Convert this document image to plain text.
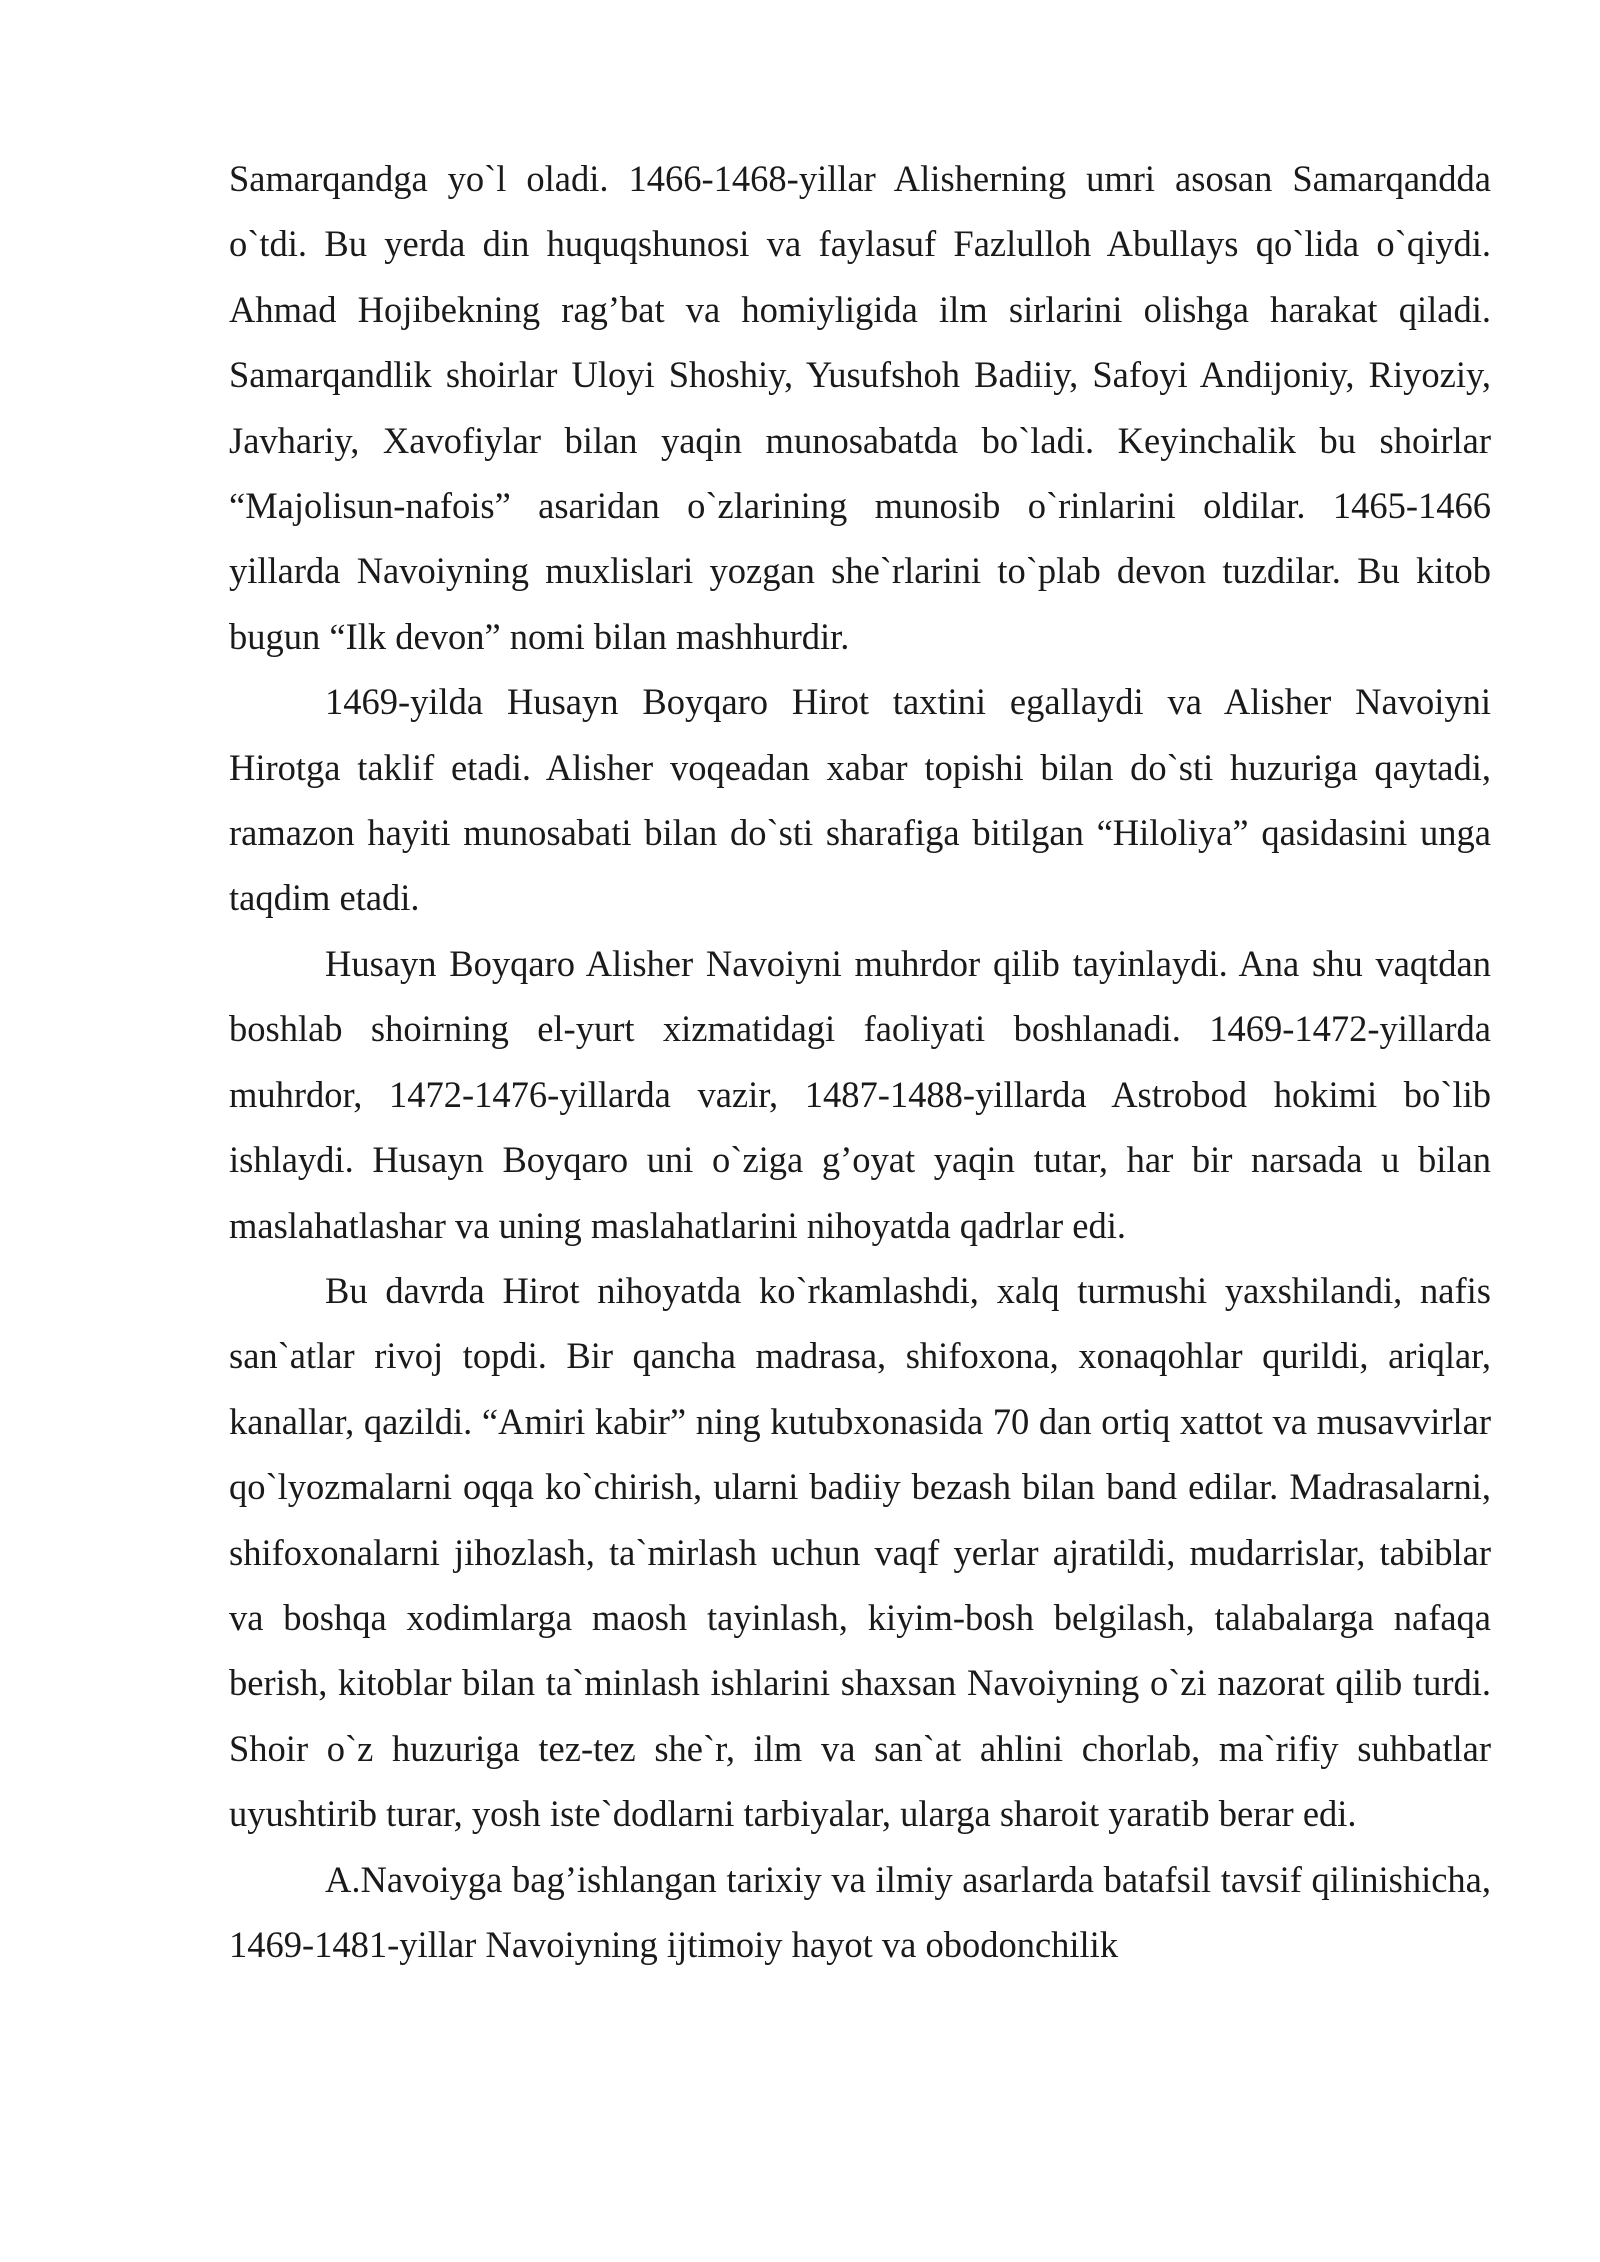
Samarqandga yo`l oladi. 1466-1468-yillar Alisherning umri asosan Samarqandda o`tdi. Bu yerda din huquqshunosi va faylasuf Fazlulloh Abullays qo`lida o`qiydi. Ahmad Hojibekning rag’bat va homiyligida ilm sirlarini olishga harakat qiladi. Samarqandlik shoirlar Uloyi Shoshiy, Yusufshoh Badiiy, Safoyi Andijoniy, Riyoziy, Javhariy, Xavofiylar bilan yaqin munosabatda bo`ladi. Keyinchalik bu shoirlar “Majolisun-nafois” asaridan o`zlarining munosib o`rinlarini oldilar. 1465-1466 yillarda Navoiyning muxlislari yozgan she`rlarini to`plab devon tuzdilar. Bu kitob bugun “Ilk devon” nomi bilan mashhurdir.

1469-yilda Husayn Boyqaro Hirot taxtini egallaydi va Alisher Navoiyni Hirotga taklif etadi. Alisher voqeadan xabar topishi bilan do`sti huzuriga qaytadi, ramazon hayiti munosabati bilan do`sti sharafiga bitilgan “Hiloliya” qasidasini unga taqdim etadi.

Husayn Boyqaro Alisher Navoiyni muhrdor qilib tayinlaydi. Ana shu vaqtdan boshlab shoirning el-yurt xizmatidagi faoliyati boshlanadi. 1469-1472-yillarda muhrdor, 1472-1476-yillarda vazir, 1487-1488-yillarda Astrobod hokimi bo`lib ishlaydi. Husayn Boyqaro uni o`ziga g’oyat yaqin tutar, har bir narsada u bilan maslahatlashar va uning maslahatlarini nihoyatda qadrlar edi.

Bu davrda Hirot nihoyatda ko`rkamlashdi, xalq turmushi yaxshilandi, nafis san`atlar rivoj topdi. Bir qancha madrasa, shifoxona, xonaqohlar qurildi, ariqlar, kanallar, qazildi. “Amiri kabir” ning kutubxonasida 70 dan ortiq xattot va musavvirlar qo`lyozmalarni oqqa ko`chirish, ularni badiiy bezash bilan band edilar. Madrasalarni, shifoxonalarni jihozlash, ta`mirlash uchun vaqf yerlar ajratildi, mudarrislar, tabiblar va boshqa xodimlarga maosh tayinlash, kiyim-bosh belgilash, talabalarga nafaqa berish, kitoblar bilan ta`minlash ishlarini shaxsan Navoiyning o`zi nazorat qilib turdi. Shoir o`z huzuriga tez-tez she`r, ilm va san`at ahlini chorlab, ma`rifiy suhbatlar uyushtirib turar, yosh iste`dodlarni tarbiyalar, ularga sharoit yaratib berar edi.

A.Navoiyga bag’ishlangan tarixiy va ilmiy asarlarda batafsil tavsif qilinishicha, 1469-1481-yillar Navoiyning ijtimoiy hayot va obodonchilik
